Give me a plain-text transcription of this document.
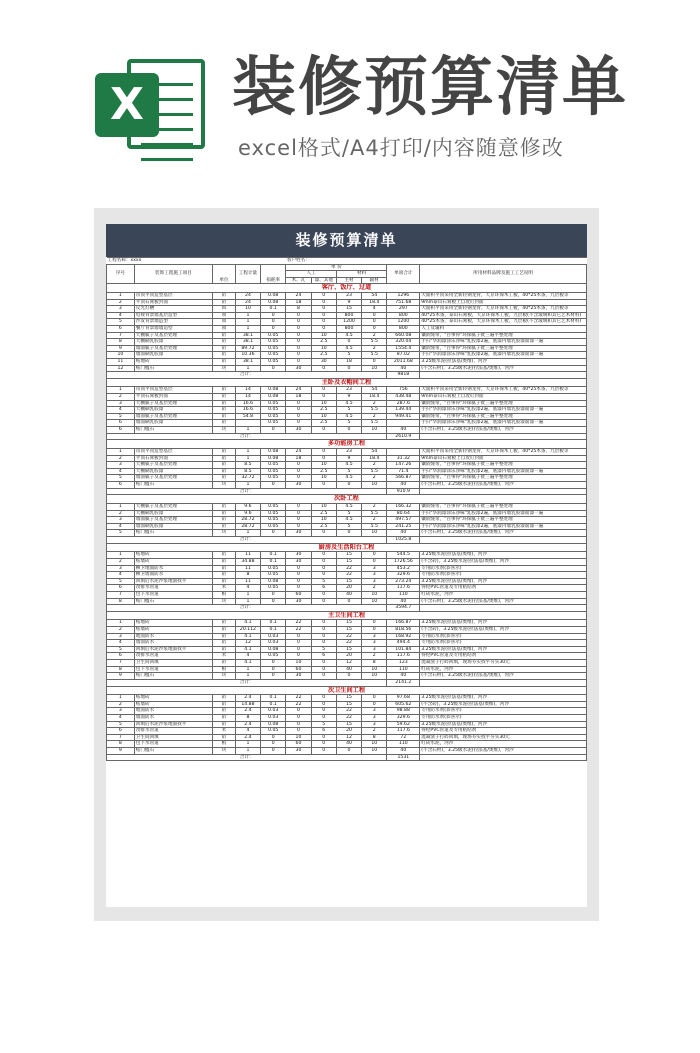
X 装修预算清单

excel格式/A4打印/内容随意修改

装修预算清单
工程名称：xxxx					客户姓名：					
序号	装饰工程施工项目	单位	工程计量	损耗率	单 价				单项合计	所用材料品牌及施工工艺说明
					人工		材料			
					木、瓦	漆、其他	主材	辅材		
客厅、饭厅、过道										
1	吊顶平顶造型基层	㎡	24	0.08	24	0	23	54	1296	大面积平顶采用全新轻钢龙骨，天京环保木工板，40*25木条，九层板等
2	平顶石膏板封面	㎡	24	0.08	18	0	9	18.4	751.68	9mm泰山石膏板上自攻钉封面
3	反光灯槽	m	10	0.1	8	0	15	4	297	大面积平顶采用全新轻钢龙骨，天京环保木工板，40*25木条，九层板等
4	电视背景墙基层造型	项	1	0	0	0	800	0	800	40*25木条，泰山石膏板，天京环保木工板，九层板(不含玻璃和其它艺术材料)
5	沙发背景墙造型	项	1	0	0	0	1200	0	1200	40*25木条，泰山石膏板，天京环保木工板，九层板(不含玻璃和其它艺术材料)
6	餐厅背景墙墙造型	项	1	0	0	0	800	0	800	人工及辅料
7	天棚腻子及基层处理	㎡	38.1	0.05	0	10	4.5	2	660.08	镶嵌缝带，"百事得"环保腻子批三遍平整处理
8	天棚刷乳胶漆	㎡	38.1	0.05	0	2.5	0	5.5	320.04	手扫"华润漆涂乐净味"乳胶漆2遍，底漆内墙乳胶漆面漆一遍
9	墙面腻子及基层处理	㎡	89.72	0.05	0	10	4.5	2	1554.4	镶嵌缝带，"百事得"环保腻子批三遍平整处理
10	墙面刷乳胶漆	㎡	10.36	0.05	0	2.5	5	5.5	87.02	手扫"华润漆涂乐净味"乳胶漆2遍，底漆内墙乳胶漆面漆一遍
11	贴地砖	㎡	38.1	0.05	0	30	18	0	2011.68	3.25级水泥(拉法基/奥维)，河沙
12	贴门槛石	块	1	0	30	0	0	10	40	(不含石材)，3.25级水泥(拉法基/奥维)，河沙
合计：									9818	
主卧及衣帽间工程										
1	吊顶平顶造型基层	㎡	14	0.08	24	0	23	54	756	大面积平顶采用全新轻钢龙骨，天京环保木工板，40*25木条，九层板等
2	平顶石膏板封面	㎡	14	0.08	18	0	9	18.4	438.48	9mm泰山石膏板上自攻钉封面
3	天棚腻子及基层处理	㎡	16.6	0.05	0	10	4.5	2	287.6	镶嵌缝带，"百事得"环保腻子批三遍平整处理
4	天棚刷乳胶漆	㎡	16.6	0.05	0	2.5	5	5.5	139.44	手扫"华润漆涂乐净味"乳胶漆2遍，底漆内墙乳胶漆面漆一遍
5	墙面腻子及基层处理	㎡	54.8	0.05	0	10	4.5	2	949.41	镶嵌缝带，"百事得"环保腻子批三遍平整处理
6	墙面刷乳胶漆	㎡		0.05	0	2.5	5	5.5		手扫"华润漆涂乐净味"乳胶漆2遍，底漆内墙乳胶漆面漆一遍
6	贴门槛石	块	1	0	30	0	0	10	40	(不含石材)，3.25级水泥(拉法基/奥维)，河沙
合计：									2610.9	
多功能房工程										
1	吊顶平顶造型基层	㎡	1	0.08	24	0	23	54		大面积平顶采用全新轻钢龙骨，天京环保木工板，40*25木条，九层板等
2	平顶石膏板封面	㎡	1	0.08	18	0	9	18.4	31.32	9mm泰山石膏板上自攻钉封面
3	天棚腻子及基层处理	㎡	8.5	0.05	0	10	4.5	2	147.26	镶嵌缝带，"百事得"环保腻子批三遍平整处理
4	天棚刷乳胶漆	㎡	8.5	0.05	0	2.5	5	5.5	71.4	手扫"华润漆涂乐净味"乳胶漆2遍，底漆内墙乳胶漆面漆一遍
5	墙面腻子及基层处理	㎡	32.72	0.05	0	10	4.5	2	566.87	镶嵌缝带，"百事得"环保腻子批三遍平整处理
6	贴门槛石	块	1	0	30	0	0	10	40	(不含石材)，3.25级水泥(拉法基/奥维)，河沙
合计：									910.9	
次卧工程										
1	天棚腻子及基层处理	㎡	9.6	0.05	0	10	4.5	2	166.32	镶嵌缝带，"百事得"环保腻子批三遍平整处理
2	天棚刷乳胶漆	㎡	9.6	0.05	0	2.5	5	5.5	80.64	手扫"华润漆涂乐净味"乳胶漆2遍，底漆内墙乳胶漆面漆一遍
3	墙面腻子及基层处理	㎡	28.72	0.05	0	10	4.5	2	497.57	镶嵌缝带，"百事得"环保腻子批三遍平整处理
4	墙面刷乳胶漆	㎡	28.72	0.05	0	2.5	5	5.5	241.25	手扫"华润漆涂乐净味"乳胶漆2遍，底漆内墙乳胶漆面漆一遍
5	贴门槛石	块	1	0	30	0	0	10	40	(不含石材)，3.25级水泥(拉法基/奥维)，河沙
合计：									1025.8	
厨房及生活阳台工程										
1	贴地砖	㎡	11	0.1	30	0	15	0	544.5	3.25级水泥(拉法基/奥维)，河沙
2	贴墙砖	㎡	34.88	0.1	30	0	15	0	1726.56	(不含砖)，3.25级水泥(拉法基/奥维)，河沙
3	柳卫地面防水	㎡	11	0.05	0	0	22	3	453.2	专用防水剂(恭喜尔)
4	柳卫墙面防水	㎡	8	0.05	0	0	22	3	329.6	专用防水剂(恭喜尔)
5	回填后水泥沙浆地面找平	㎡	11	0.08	0	5	15	3	273.24	3.25级水泥(拉法基/奥维)，河沙
6	改排水管道	米	4	0.05	0	6	20	2	117.6	得伦PVC管道及专用粘结剂
7	包下水管道	根	1	0	60	0	40	10	110	红砖水泥，河沙
8	贴门槛石	块	1	0	30	0	0	10	40	(不含石材)，3.25级水泥(拉法基/奥维)，河沙
合计：									3594.7	
主卫生间工程										
1	贴地砖	㎡	4.1	0.1	22	0	15	0	166.87	3.25级水泥(拉法基/奥维)，河沙
2	贴墙砖	㎡	20.112	0.1	22	0	15	0	818.56	(不含砖)，3.25级水泥(拉法基/奥维)，河沙
3	地面防水	㎡	4.1	0.03	0	0	22	3	168.92	专用防水剂(恭喜尔)
4	墙面防水	㎡	12	0.03	0	0	22	3	494.4	专用防水剂(恭喜尔)
5	回填后水泥沙浆地面找平	㎡	4.1	0.08	0	5	15	3	101.84	3.25级水泥(拉法基/奥维)，河沙
6	改排水管道	米	4	0.05	0	6	20	2	117.6	得伦PVC管道及专用粘结剂
7	卫生间回填	㎡	4.1	0	10	0	12	8	123	混凝渣子打碎回填，现场夯实找平夯实30元
8	包下水管道	根	1	0	60	0	40	10	110	红砖水泥，河沙
9	贴门槛石	块	1	0	30	0	0	10	40	(不含石材)，3.25级水泥(拉法基/奥维)，河沙
合计：									2141.2	
次卫生间工程										
1	贴地砖	㎡	2.4	0.1	22	0	15	0	97.68	3.25级水泥(拉法基/奥维)，河沙
2	贴墙砖	㎡	14.88	0.1	22	0	15	0	605.62	(不含砖)，3.25级水泥(拉法基/奥维)，河沙
3	地面防水	㎡	2.4	0.03	0	0	22	3	98.88	专用防水剂(恭喜尔)
4	墙面防水	㎡	8	0.03	0	0	22	3	329.6	专用防水剂(恭喜尔)
5	回填后水泥沙浆地面找平	㎡	2.4	0.08	0	5	15	3	59.62	3.25级水泥(拉法基/奥维)，河沙
6	改排水管道	米	4	0.05	0	6	20	2	117.6	得伦PVC管道及专用粘结剂
7	卫生间回填	㎡	2.4	0	10	0	12	8	72	混凝渣子打碎回填，现场夯实找平夯实30元
8	包下水管道	根	1	0	60	0	40	10	110	红砖水泥，河沙
9	贴门槛石	块	1	0	30	0	0	10	40	(不含石材)，3.25级水泥(拉法基/奥维)，河沙
合计：									1531	
